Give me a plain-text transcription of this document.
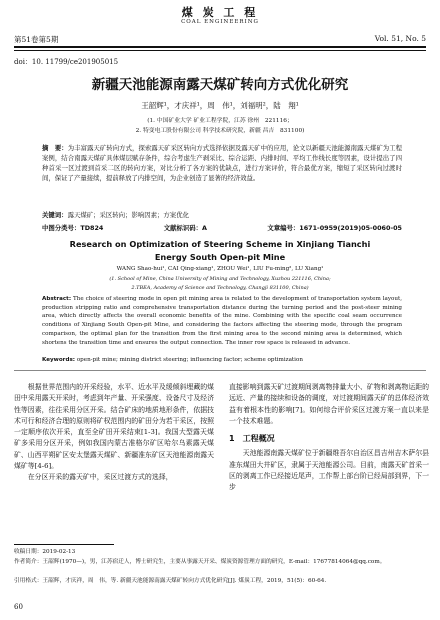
煤 炭 工 程
COAL ENGINEERING
第51卷第5期	Vol. 51, No. 5
doi：10. 11799/ce201905015
新疆天池能源南露天煤矿转向方式优化研究
王韶辉¹，才庆祥¹，周　伟¹，刘福明²，陆　翔¹
(1. 中国矿业大学 矿业工程学院，江苏 徐州　221116；
2. 特变电工股份有限公司 科学技术研究院，新疆 昌吉　831100)
摘　要：为丰富露天矿转向方式，探索露天矿采区转向方式选择依据及露天矿中的应用，论文以新疆天池能源南露天煤矿为工程案例，结合南露天煤矿具体煤层赋存条件，综合考虑生产剥采比、综合运距、内排时间、平均工作线长度等因素，设计提出了四种首采一区过渡到首采二区的转向方案，对比分析了各方案的优缺点，进行方案评价，符合最优方案，缩短了采区转向过渡时间，保证了产量接续，提前释放了内排空间，为企业创造了显著的经济效益。
关键词：露天煤矿；采区转向；影响因素；方案优化
中图分类号：TD824	文献标识码：A	文章编号：1671-0959(2019)05-0060-05
Research on Optimization of Steering Scheme in Xinjiang Tianchi
Energy South Open-pit Mine
WANG Shao-hui¹, CAI Qing-xiang¹, ZHOU Wei¹, LIU Fu-ming², LU Xiang¹
(1. School of Mine, China University of Mining and Technology, Xuzhou 221116, China;
2.TBEA, Academy of Science and Technology, Changji 831100, China)
Abstract: The choice of steering mode in open pit mining area is related to the development of transportation system layout, production stripping ratio and comprehensive transportation distance during the turning period and the post-steer mining area, which directly affects the overall economic benefits of the mine. Combining with the specific coal seam occurrence conditions of Xinjiang South Open-pit Mine, and considering the factors affecting the steering mode, through the program comparison, the optimal plan for the transition from the first mining area to the second mining area is determined, which shortens the transition time and ensures the output connection. The inner row space is released in advance.
Keywords: open-pit mine; mining district steering; influencing factor; scheme optimization
根据世界范围内的开采经验，水平、近水平及缓倾斜埋藏的煤田中采用露天开采时，考虑到年产量、开采强度、设备尺寸及经济性等因素，往往采用分区开采。结合矿床的地质地形条件，依据技术可行和经济合理的原则将矿权范围内的矿田分为若干采区，按照一定顺序依次开采，直至全矿田开采结束[1-3]。我国大型露天煤矿多采用分区开采，例如我国内蒙古准格尔矿区哈尔乌素露天煤矿、山西平朔矿区安太堡露天煤矿、新疆准东矿区天池能源南露天煤矿等[4-6]。
在分区开采的露天矿中，采区过渡方式的选择，
直接影响到露天矿过渡期间剥离物排量大小、矿物和剥离物运距的远近、产量的接续和设备的调度，对过渡期间露天矿的总体经济效益有着根本性的影响[7]。如何综合评价采区过渡方案一直以来是一个技术难题。
1　工程概况
天池能源南露天煤矿位于新疆维吾尔自治区昌吉州吉木萨尔县准东煤田大井矿区，隶属于天池能源公司。目前，南露天矿首采一区的剥离工作已经接近尾声，工作帮上部台阶已经局部到界，下一步
收稿日期：2019-02-13
作者简介：王韶辉(1970—)，男，江苏宿迁人，博士研究生，主要从事露天开采、煤炭资源管理方面的研究，E-mail：17677814064@qq.com。
引用格式：王韶辉，才庆祥，周　伟，等. 新疆天池能源南露天煤矿转向方式优化研究[J]. 煤炭工程，2019，51(5)：60-64.
60
